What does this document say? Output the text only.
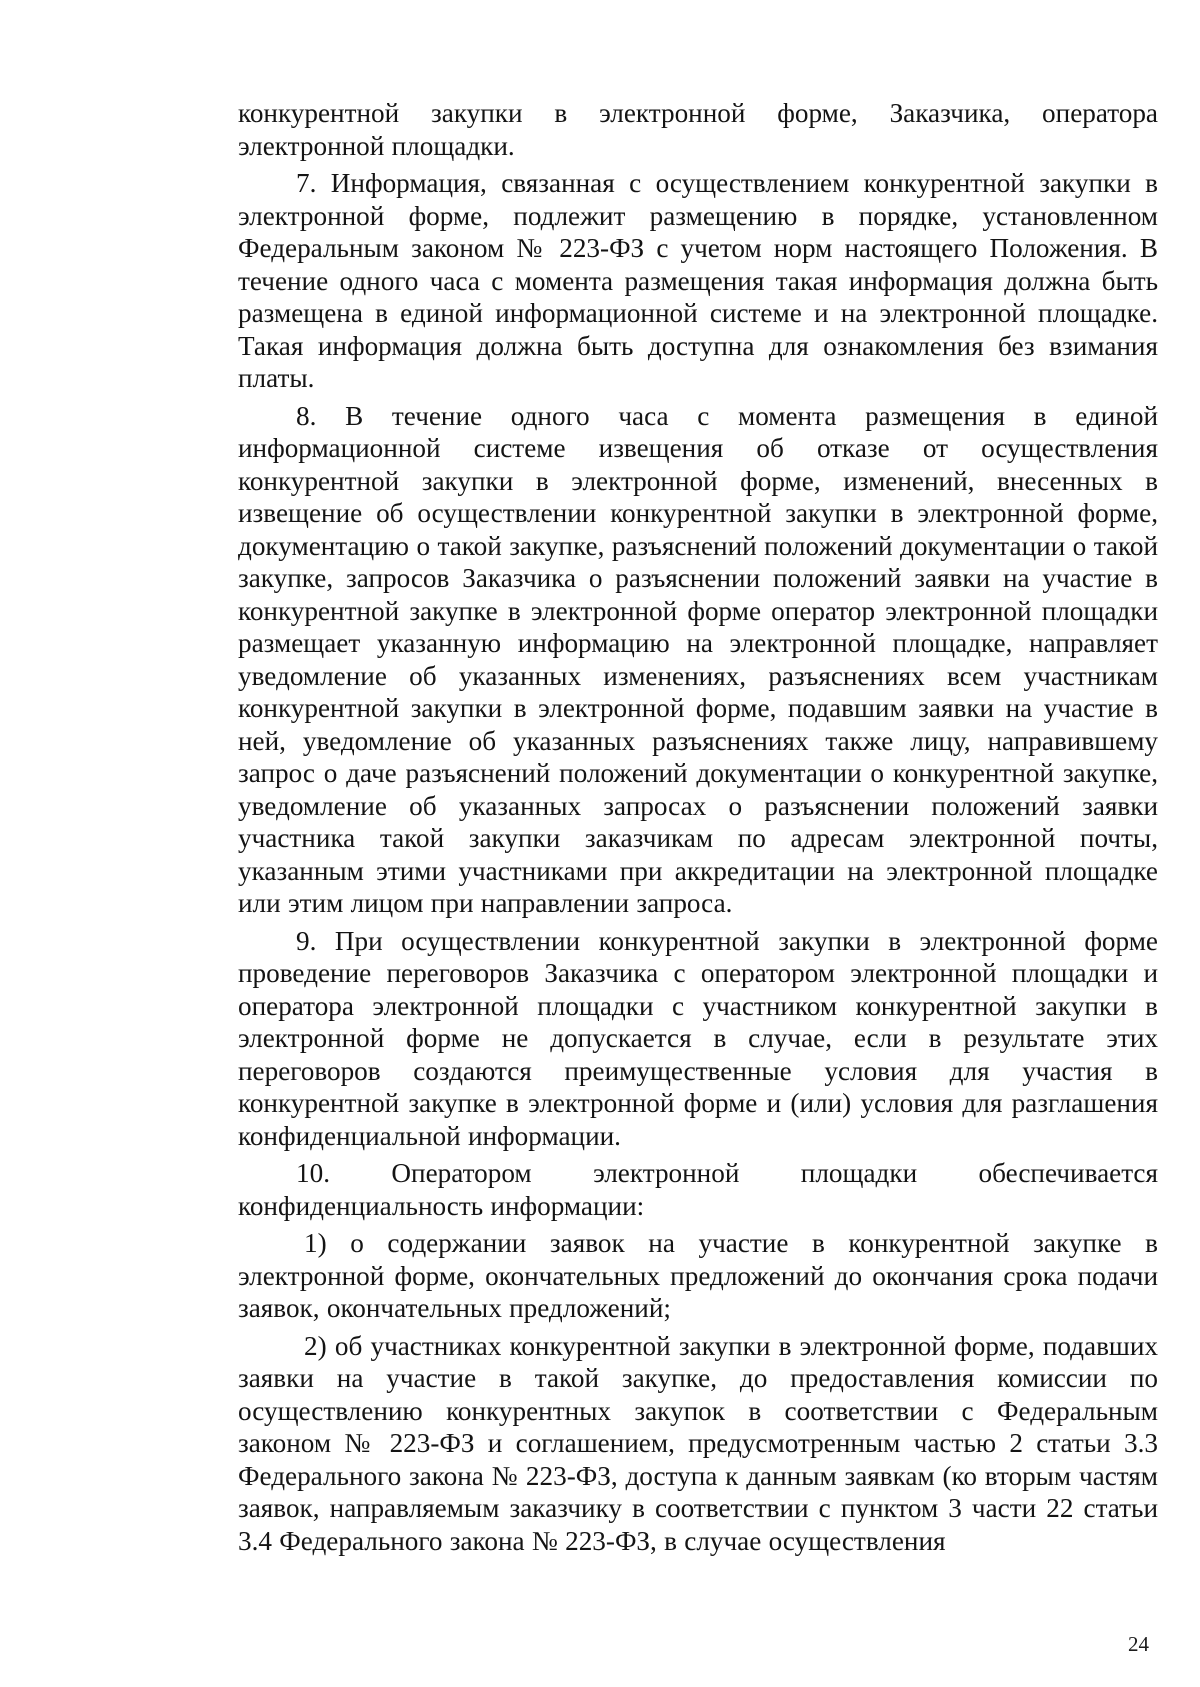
конкурентной закупки в электронной форме, Заказчика, оператора электронной площадки.

7. Информация, связанная с осуществлением конкурентной закупки в электронной форме, подлежит размещению в порядке, установленном Федеральным законом № 223-ФЗ с учетом норм настоящего Положения. В течение одного часа с момента размещения такая информация должна быть размещена в единой информационной системе и на электронной площадке. Такая информация должна быть доступна для ознакомления без взимания платы.

8. В течение одного часа с момента размещения в единой информационной системе извещения об отказе от осуществления конкурентной закупки в электронной форме, изменений, внесенных в извещение об осуществлении конкурентной закупки в электронной форме, документацию о такой закупке, разъяснений положений документации о такой закупке, запросов Заказчика о разъяснении положений заявки на участие в конкурентной закупке в электронной форме оператор электронной площадки размещает указанную информацию на электронной площадке, направляет уведомление об указанных изменениях, разъяснениях всем участникам конкурентной закупки в электронной форме, подавшим заявки на участие в ней, уведомление об указанных разъяснениях также лицу, направившему запрос о даче разъяснений положений документации о конкурентной закупке, уведомление об указанных запросах о разъяснении положений заявки участника такой закупки заказчикам по адресам электронной почты, указанным этими участниками при аккредитации на электронной площадке или этим лицом при направлении запроса.

9. При осуществлении конкурентной закупки в электронной форме проведение переговоров Заказчика с оператором электронной площадки и оператора электронной площадки с участником конкурентной закупки в электронной форме не допускается в случае, если в результате этих переговоров создаются преимущественные условия для участия в конкурентной закупке в электронной форме и (или) условия для разглашения конфиденциальной информации.

10. Оператором электронной площадки обеспечивается конфиденциальность информации:

1) о содержании заявок на участие в конкурентной закупке в электронной форме, окончательных предложений до окончания срока подачи заявок, окончательных предложений;

2) об участниках конкурентной закупки в электронной форме, подавших заявки на участие в такой закупке, до предоставления комиссии по осуществлению конкурентных закупок в соответствии с Федеральным законом № 223-ФЗ и соглашением, предусмотренным частью 2 статьи 3.3 Федерального закона № 223-ФЗ, доступа к данным заявкам (ко вторым частям заявок, направляемым заказчику в соответствии с пунктом 3 части 22 статьи 3.4 Федерального закона № 223-ФЗ, в случае осуществления

24
